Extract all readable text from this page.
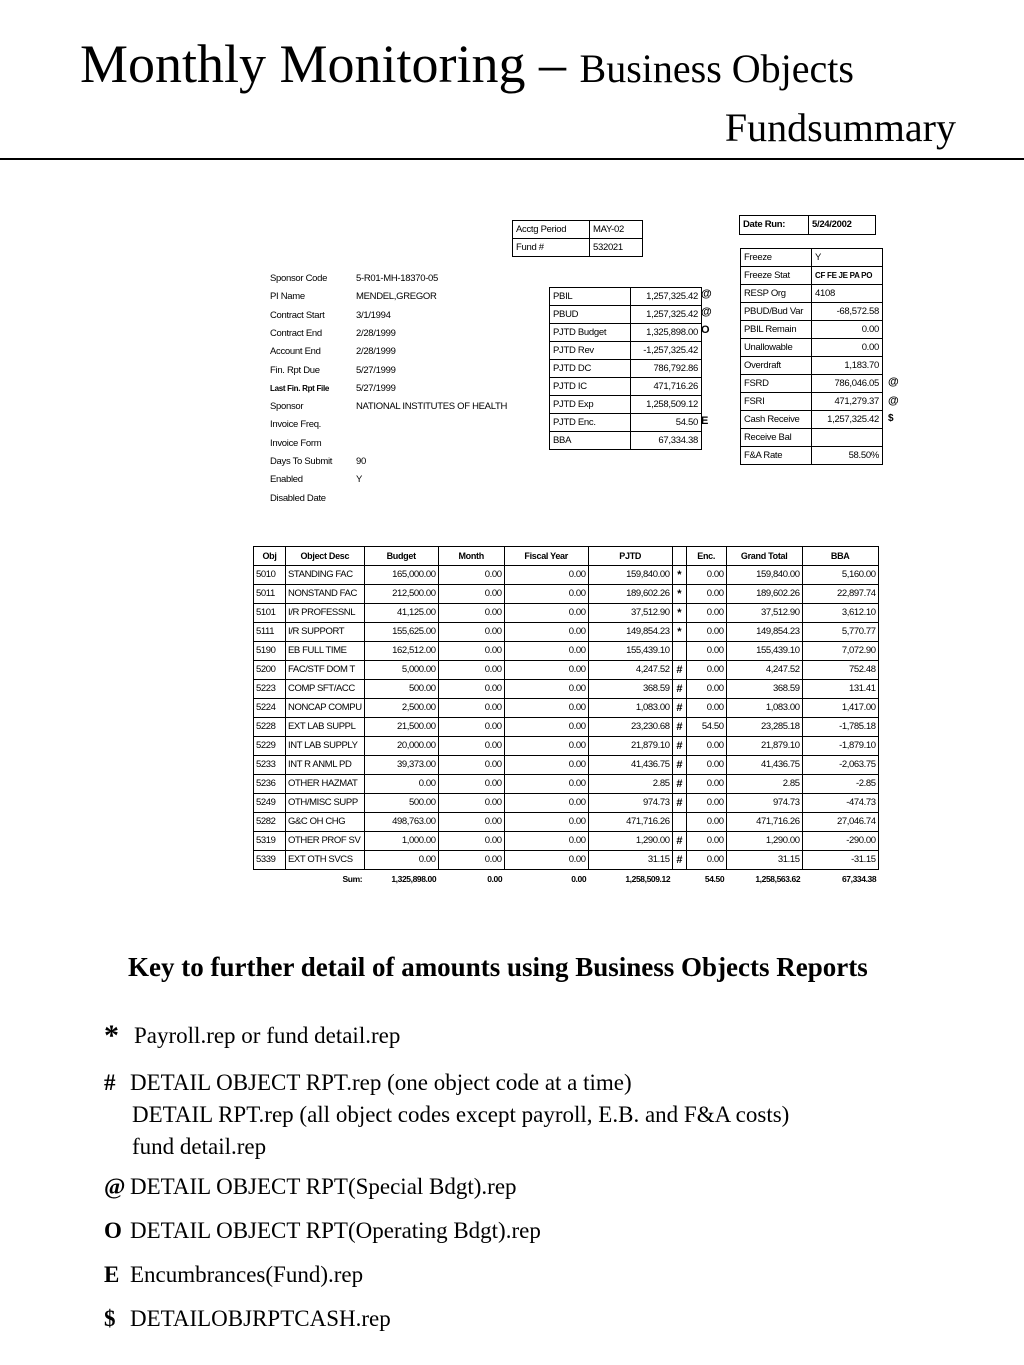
Monthly Monitoring – Business Objects
Fundsummary
Acctg Period	MAY-02
Fund #	532021
Date Run:	5/24/2002
Sponsor Code	5-R01-MH-18370-05
PI Name	MENDEL,GREGOR
Contract Start	3/1/1994
Contract End	2/28/1999
Account End	2/28/1999
Fin. Rpt Due	5/27/1999
Last Fin. Rpt File	5/27/1999
Sponsor	NATIONAL INSTITUTES OF HEALTH
Invoice Freq.
Invoice Form
Days To Submit	90
Enabled	Y
Disabled Date
PBIL	1,257,325.42
PBUD	1,257,325.42
PJTD Budget	1,325,898.00
PJTD Rev	-1,257,325.42
PJTD DC	786,792.86
PJTD IC	471,716.26
PJTD Exp	1,258,509.12
PJTD Enc.	54.50
BBA	67,334.38
@
@
O
E
Freeze	Y
Freeze Stat	CF FE JE PA PO
RESP Org	4108
PBUD/Bud Var	-68,572.58
PBIL Remain	0.00
Unallowable	0.00
Overdraft	1,183.70
FSRD	786,046.05
FSRI	471,279.37
Cash Receive	1,257,325.42
Receive Bal	
F&A Rate	58.50%
@
@
$
Obj	Object Desc	Budget	Month	Fiscal Year	PJTD		Enc.	Grand Total	BBA
5010	STANDING FAC	165,000.00	0.00	0.00	159,840.00	*	0.00	159,840.00	5,160.00
5011	NONSTAND FAC	212,500.00	0.00	0.00	189,602.26	*	0.00	189,602.26	22,897.74
5101	I/R PROFESSNL	41,125.00	0.00	0.00	37,512.90	*	0.00	37,512.90	3,612.10
5111	I/R SUPPORT	155,625.00	0.00	0.00	149,854.23	*	0.00	149,854.23	5,770.77
5190	EB FULL TIME	162,512.00	0.00	0.00	155,439.10		0.00	155,439.10	7,072.90
5200	FAC/STF DOM T	5,000.00	0.00	0.00	4,247.52	#	0.00	4,247.52	752.48
5223	COMP SFT/ACC	500.00	0.00	0.00	368.59	#	0.00	368.59	131.41
5224	NONCAP COMPU	2,500.00	0.00	0.00	1,083.00	#	0.00	1,083.00	1,417.00
5228	EXT LAB SUPPL	21,500.00	0.00	0.00	23,230.68	#	54.50	23,285.18	-1,785.18
5229	INT LAB SUPPLY	20,000.00	0.00	0.00	21,879.10	#	0.00	21,879.10	-1,879.10
5233	INT R ANML PD	39,373.00	0.00	0.00	41,436.75	#	0.00	41,436.75	-2,063.75
5236	OTHER HAZMAT	0.00	0.00	0.00	2.85	#	0.00	2.85	-2.85
5249	OTH/MISC SUPP	500.00	0.00	0.00	974.73	#	0.00	974.73	-474.73
5282	G&C OH CHG	498,763.00	0.00	0.00	471,716.26		0.00	471,716.26	27,046.74
5319	OTHER PROF SV	1,000.00	0.00	0.00	1,290.00	#	0.00	1,290.00	-290.00
5339	EXT OTH SVCS	0.00	0.00	0.00	31.15	#	0.00	31.15	-31.15
	Sum:	1,325,898.00	0.00	0.00	1,258,509.12		54.50	1,258,563.62	67,334.38
Key to further detail of amounts using Business Objects Reports
* Payroll.rep or fund detail.rep
# DETAIL OBJECT RPT.rep (one object code at a time)
DETAIL RPT.rep (all object codes except payroll, E.B. and F&A costs)
fund detail.rep
@ DETAIL OBJECT RPT(Special Bdgt).rep
O DETAIL OBJECT RPT(Operating Bdgt).rep
E Encumbrances(Fund).rep
$ DETAILOBJRPTCASH.rep
